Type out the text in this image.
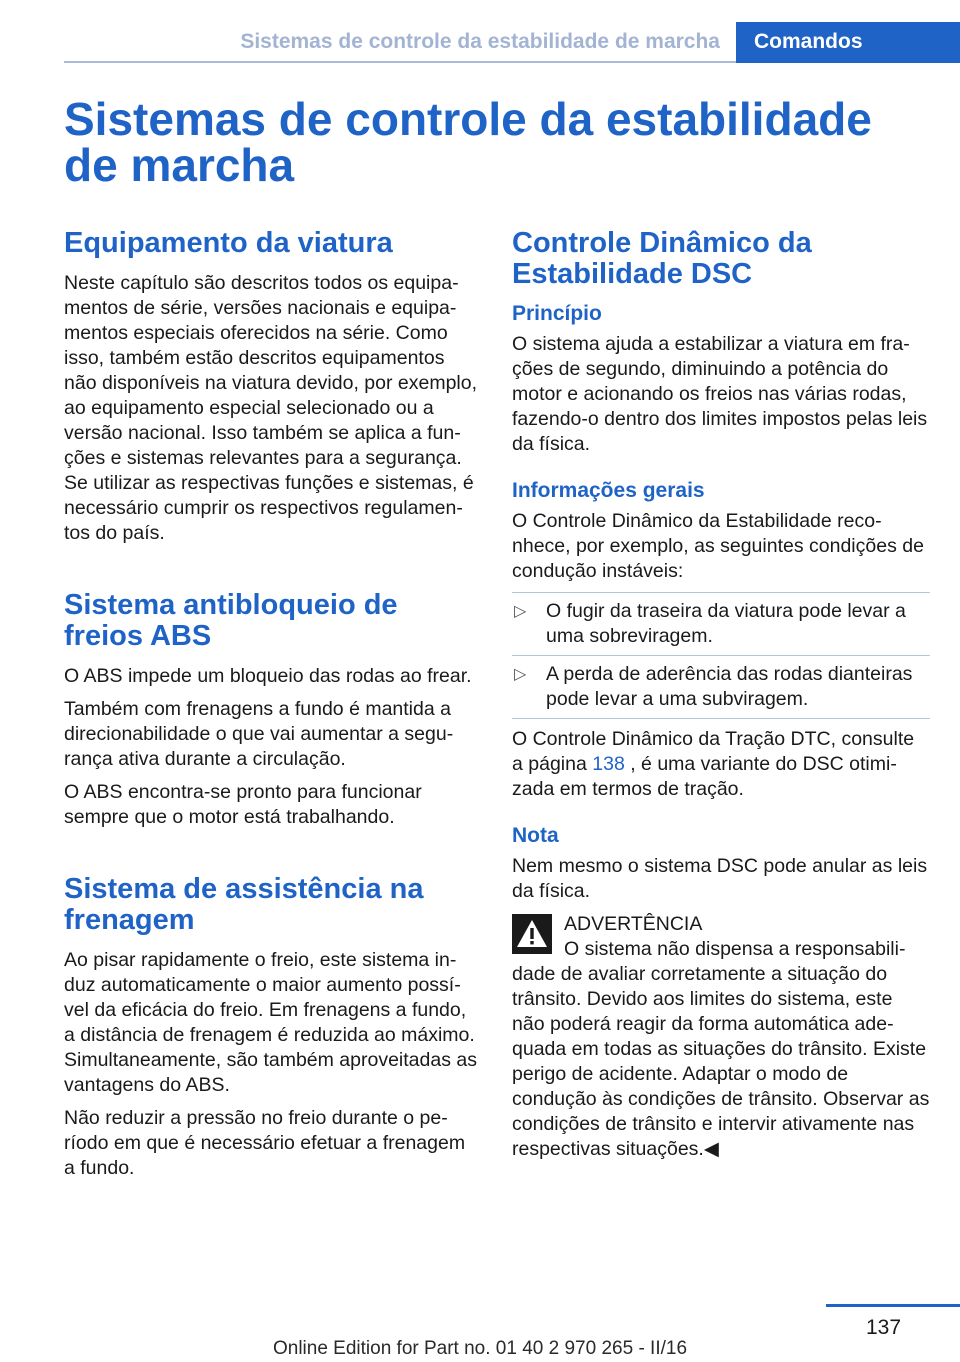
Sistemas de controle da estabilidade de marcha	Comandos
Sistemas de controle da estabilidade de marcha
Equipamento da viatura

Neste capítulo são descritos todos os equipamentos de série, versões nacionais e equipamentos especiais oferecidos na série. Como isso, também estão descritos equipamentos não disponíveis na viatura devido, por exemplo, ao equipamento especial selecionado ou a versão nacional. Isso também se aplica a funções e sistemas relevantes para a segurança. Se utilizar as respectivas funções e sistemas, é necessário cumprir os respectivos regulamentos do país.

Sistema antibloqueio de freios ABS

O ABS impede um bloqueio das rodas ao frear.

Também com frenagens a fundo é mantida a direcionabilidade o que vai aumentar a segurança ativa durante a circulação.

O ABS encontra-se pronto para funcionar sempre que o motor está trabalhando.

Sistema de assistência na frenagem

Ao pisar rapidamente o freio, este sistema induz automaticamente o maior aumento possível da eficácia do freio. Em frenagens a fundo, a distância de frenagem é reduzida ao máximo. Simultaneamente, são também aproveitadas as vantagens do ABS.

Não reduzir a pressão no freio durante o período em que é necessário efetuar a frenagem a fundo.

Controle Dinâmico da Estabilidade DSC
Princípio

O sistema ajuda a estabilizar a viatura em frações de segundo, diminuindo a potência do motor e acionando os freios nas várias rodas, fazendo-o dentro dos limites impostos pelas leis da física.

Informações gerais

O Controle Dinâmico da Estabilidade reconhece, por exemplo, as seguintes condições de condução instáveis:

▷ O fugir da traseira da viatura pode levar a uma sobreviragem.
▷ A perda de aderência das rodas dianteiras pode levar a uma subviragem.

O Controle Dinâmico da Tração DTC, consulte a página 138 , é uma variante do DSC otimizada em termos de tração.

Nota

Nem mesmo o sistema DSC pode anular as leis da física.

ADVERTÊNCIA
O sistema não dispensa a responsabilidade de avaliar corretamente a situação do trânsito. Devido aos limites do sistema, este não poderá reagir da forma automática adequada em todas as situações do trânsito. Existe perigo de acidente. Adaptar o modo de condução às condições de trânsito. Observar as condições de trânsito e intervir ativamente nas respectivas situações.◀
137
Online Edition for Part no. 01 40 2 970 265 - II/16
